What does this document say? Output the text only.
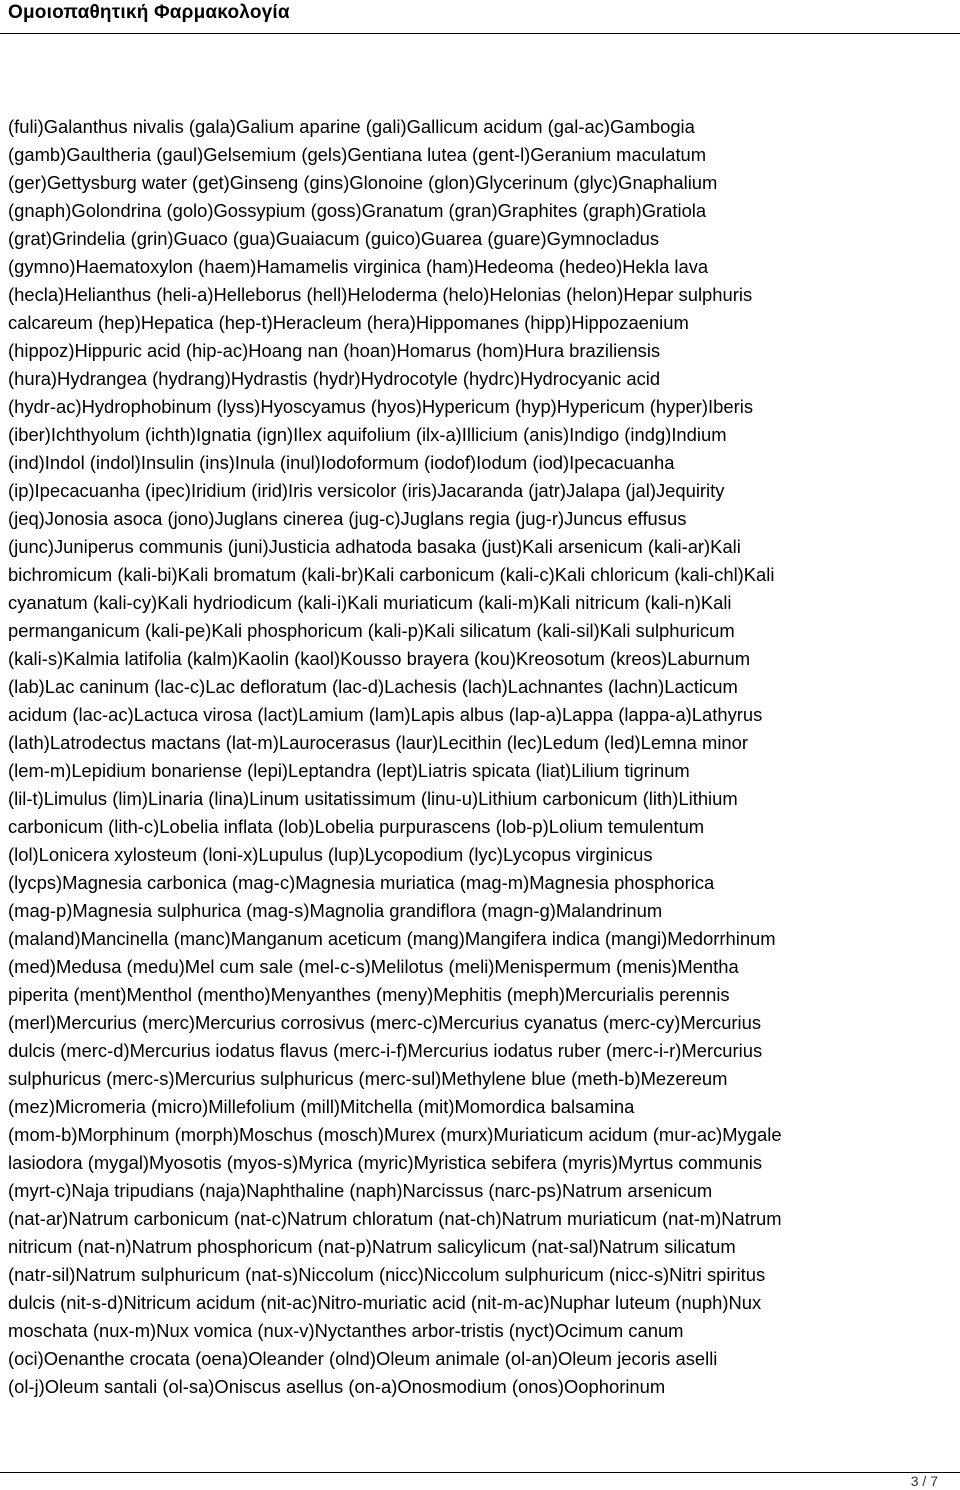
Ομοιοπαθητική Φαρμακολογία
(fuli)Galanthus nivalis (gala)Galium aparine (gali)Gallicum acidum (gal-ac)Gambogia
(gamb)Gaultheria (gaul)Gelsemium (gels)Gentiana lutea (gent-l)Geranium maculatum
(ger)Gettysburg water (get)Ginseng (gins)Glonoine (glon)Glycerinum (glyc)Gnaphalium
(gnaph)Golondrina (golo)Gossypium (goss)Granatum (gran)Graphites (graph)Gratiola
(grat)Grindelia (grin)Guaco (gua)Guaiacum (guico)Guarea (guare)Gymnocladus
(gymno)Haematoxylon (haem)Hamamelis virginica (ham)Hedeoma (hedeo)Hekla lava
(hecla)Helianthus (heli-a)Helleborus (hell)Heloderma (helo)Helonias (helon)Hepar sulphuris
calcareum (hep)Hepatica (hep-t)Heracleum (hera)Hippomanes (hipp)Hippozaenium
(hippoz)Hippuric acid (hip-ac)Hoang nan (hoan)Homarus (hom)Hura braziliensis
(hura)Hydrangea (hydrang)Hydrastis (hydr)Hydrocotyle (hydrc)Hydrocyanic acid
(hydr-ac)Hydrophobinum (lyss)Hyoscyamus (hyos)Hypericum (hyp)Hypericum (hyper)Iberis
(iber)Ichthyolum (ichth)Ignatia (ign)Ilex aquifolium (ilx-a)Illicium (anis)Indigo (indg)Indium
(ind)Indol (indol)Insulin (ins)Inula (inul)Iodoformum (iodof)Iodum (iod)Ipecacuanha
(ip)Ipecacuanha (ipec)Iridium (irid)Iris versicolor (iris)Jacaranda (jatr)Jalapa (jal)Jequirity
(jeq)Jonosia asoca (jono)Juglans cinerea (jug-c)Juglans regia (jug-r)Juncus effusus
(junc)Juniperus communis (juni)Justicia adhatoda basaka (just)Kali arsenicum (kali-ar)Kali
bichromicum (kali-bi)Kali bromatum (kali-br)Kali carbonicum (kali-c)Kali chloricum (kali-chl)Kali
cyanatum (kali-cy)Kali hydriodicum (kali-i)Kali muriaticum (kali-m)Kali nitricum (kali-n)Kali
permanganicum (kali-pe)Kali phosphoricum (kali-p)Kali silicatum (kali-sil)Kali sulphuricum
(kali-s)Kalmia latifolia (kalm)Kaolin (kaol)Kousso brayera (kou)Kreosotum (kreos)Laburnum
(lab)Lac caninum (lac-c)Lac defloratum (lac-d)Lachesis (lach)Lachnantes (lachn)Lacticum
acidum (lac-ac)Lactuca virosa (lact)Lamium (lam)Lapis albus (lap-a)Lappa (lappa-a)Lathyrus
(lath)Latrodectus mactans (lat-m)Laurocerasus (laur)Lecithin (lec)Ledum (led)Lemna minor
(lem-m)Lepidium bonariense (lepi)Leptandra (lept)Liatris spicata (liat)Lilium tigrinum
(lil-t)Limulus (lim)Linaria (lina)Linum usitatissimum (linu-u)Lithium carbonicum (lith)Lithium
carbonicum (lith-c)Lobelia inflata (lob)Lobelia purpurascens (lob-p)Lolium temulentum
(lol)Lonicera xylosteum (loni-x)Lupulus (lup)Lycopodium (lyc)Lycopus virginicus
(lycps)Magnesia carbonica (mag-c)Magnesia muriatica (mag-m)Magnesia phosphorica
(mag-p)Magnesia sulphurica (mag-s)Magnolia grandiflora (magn-g)Malandrinum
(maland)Mancinella (manc)Manganum aceticum (mang)Mangifera indica (mangi)Medorrhinum
(med)Medusa (medu)Mel cum sale (mel-c-s)Melilotus (meli)Menispermum (menis)Mentha
piperita (ment)Menthol (mentho)Menyanthes (meny)Mephitis (meph)Mercurialis perennis
(merl)Mercurius (merc)Mercurius corrosivus (merc-c)Mercurius cyanatus (merc-cy)Mercurius
dulcis (merc-d)Mercurius iodatus flavus (merc-i-f)Mercurius iodatus ruber (merc-i-r)Mercurius
sulphuricus (merc-s)Mercurius sulphuricus (merc-sul)Methylene blue (meth-b)Mezereum
(mez)Micromeria (micro)Millefolium (mill)Mitchella (mit)Momordica balsamina
(mom-b)Morphinum (morph)Moschus (mosch)Murex (murx)Muriaticum acidum (mur-ac)Mygale
lasiodora (mygal)Myosotis (myos-s)Myrica (myric)Myristica sebifera (myris)Myrtus communis
(myrt-c)Naja tripudians (naja)Naphthaline (naph)Narcissus (narc-ps)Natrum arsenicum
(nat-ar)Natrum carbonicum (nat-c)Natrum chloratum (nat-ch)Natrum muriaticum (nat-m)Natrum
nitricum (nat-n)Natrum phosphoricum (nat-p)Natrum salicylicum (nat-sal)Natrum silicatum
(natr-sil)Natrum sulphuricum (nat-s)Niccolum (nicc)Niccolum sulphuricum (nicc-s)Nitri spiritus
dulcis (nit-s-d)Nitricum acidum (nit-ac)Nitro-muriatic acid (nit-m-ac)Nuphar luteum (nuph)Nux
moschata (nux-m)Nux vomica (nux-v)Nyctanthes arbor-tristis (nyct)Ocimum canum
(oci)Oenanthe crocata (oena)Oleander (olnd)Oleum animale (ol-an)Oleum jecoris aselli
(ol-j)Oleum santali (ol-sa)Oniscus asellus (on-a)Onosmodium (onos)Oophorinum
3 / 7
